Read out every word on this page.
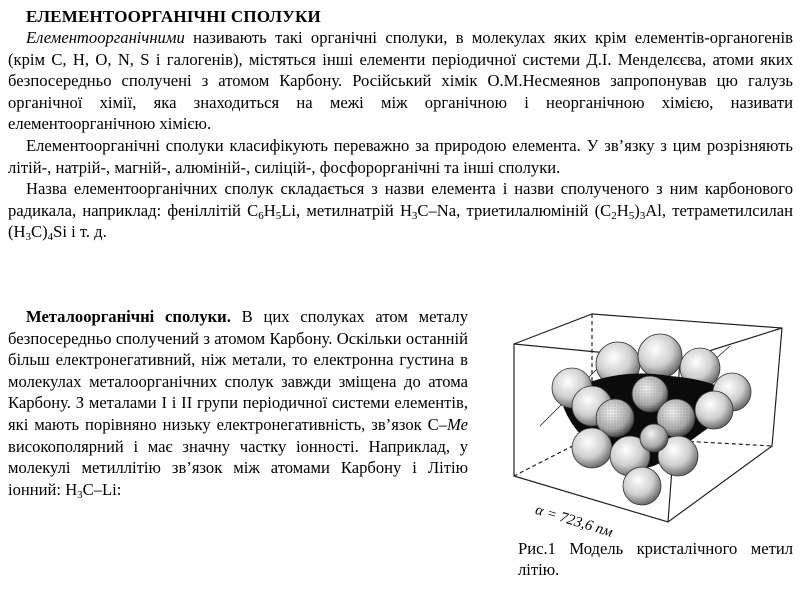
ЕЛЕМЕНТООРГАНІЧНІ СПОЛУКИ

Елементоорганічними називають такі органічні сполуки, в молекулах яких крім елементів-органогенів (крім C, H, O, N, S і галогенів), містяться інші елементи періодичної системи Д.І. Менделєєва, атоми яких безпосередньо сполучені з атомом Карбону. Російський хімік О.М.Несмеянов запропонував цю галузь органічної хімії, яка знаходиться на межі між органічною і неорганічною хімією, називати елементоорганічною хімією.

Елементоорганічні сполуки класифікують переважно за природою елемента. У зв’язку з цим розрізняють літій-, натрій-, магній-, алюміній-, силіцій-, фосфорорганічні та інші сполуки.

Назва елементоорганічних сполук складається з назви елемента і назви сполученого з ним карбонового радикала, наприклад: феніллітій $C_6H_5Li$, метилнатрій $H_3C-Na$, триетилалюміній $(C_2H_5)_3Al$, тетраметилсилан $(H_3C)_4Si$ і т. д.

Металоорганічні сполуки. В цих сполуках атом металу безпосередньо сполучений з атомом Карбону. Оскільки останній більш електронегативний, ніж метали, то електронна густина в молекулах металоорганічних сполук завжди зміщена до атома Карбону. З металами I і II групи періодичної системи елементів, які мають порівняно низьку електронегативність, зв’язок С–Ме високополярний і має значну частку іонності. Наприклад, у молекулі метиллітію зв’язок між атомами Карбону і Літію іонний: $H_3C-Li$:

α = 723,6 пм
Рис.1 Модель кристалічного метил літію.
